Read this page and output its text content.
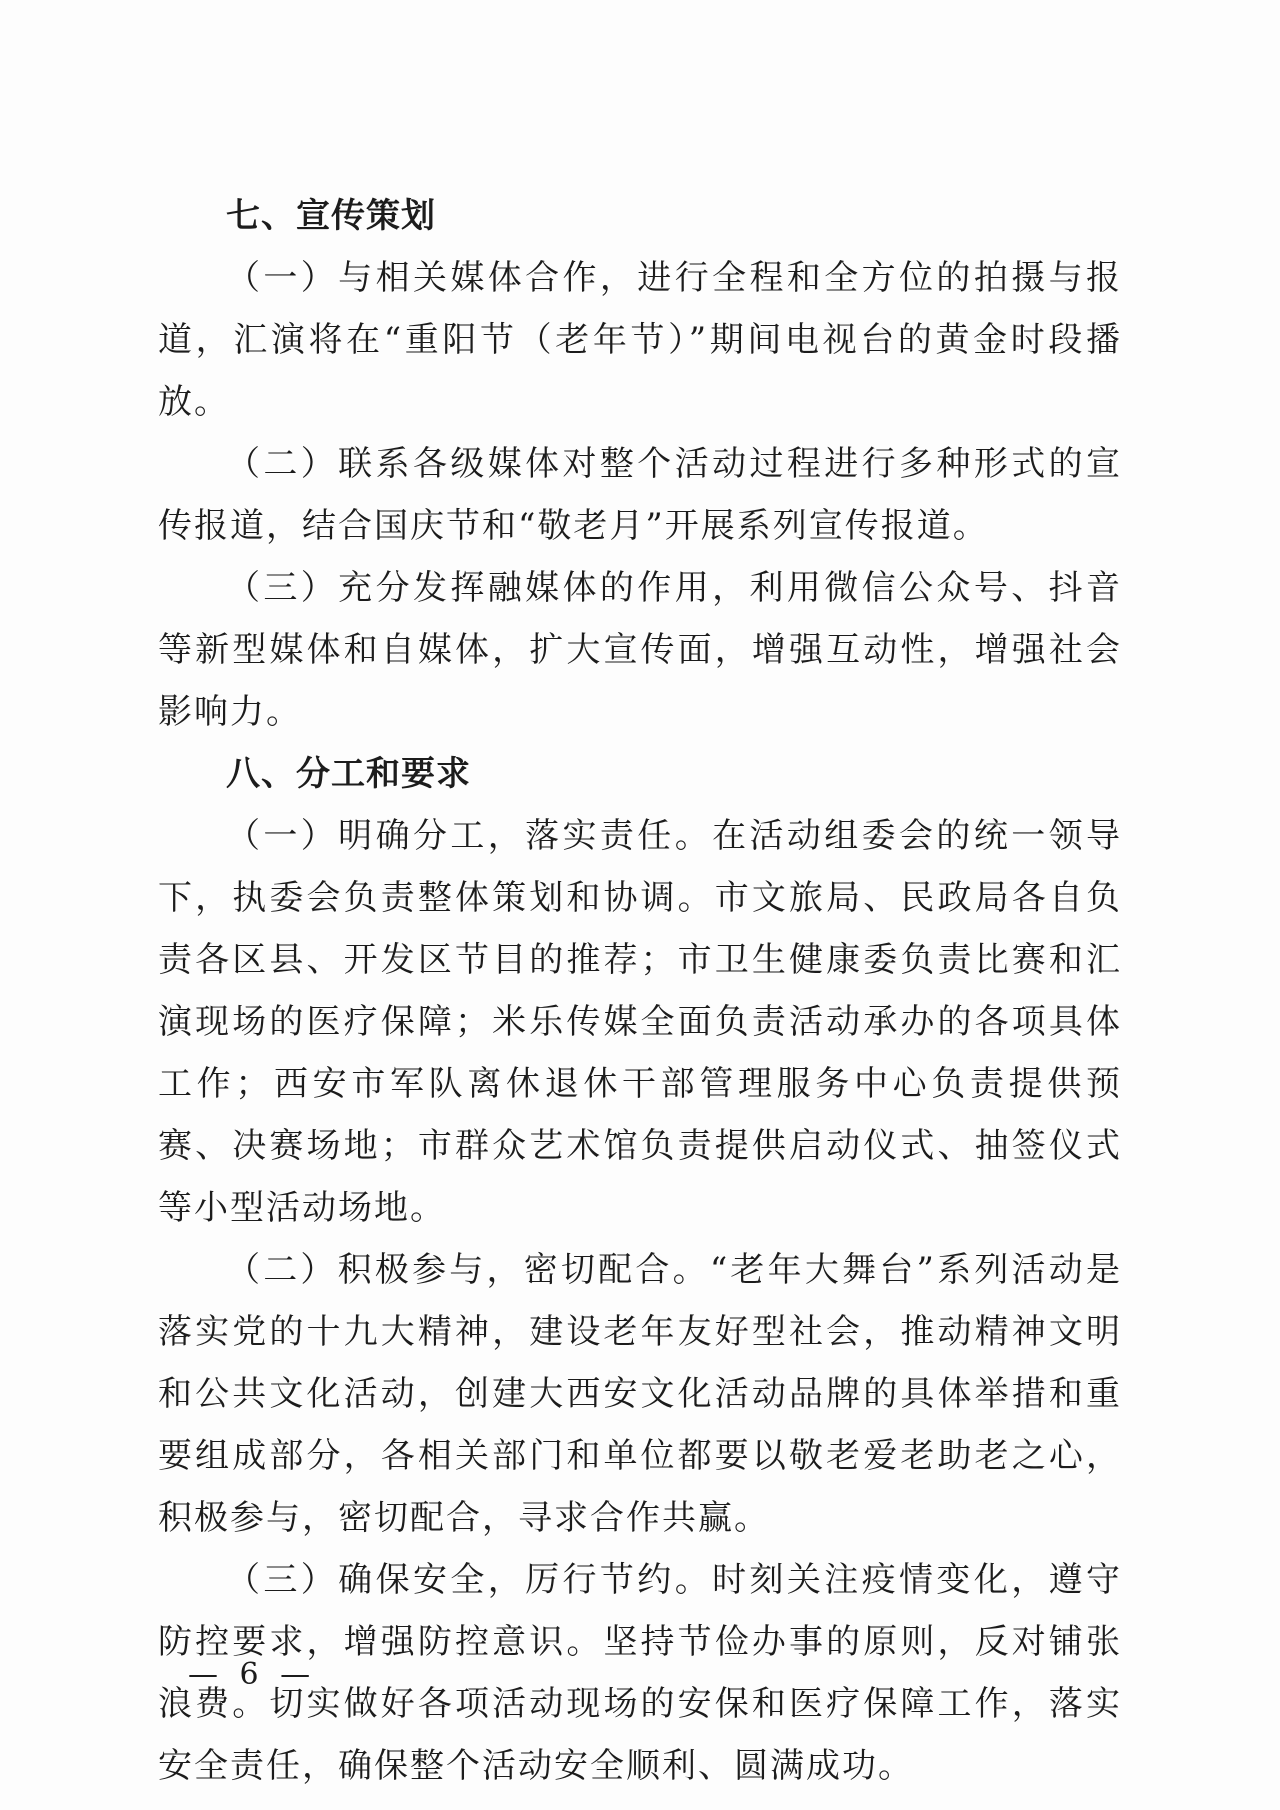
七、宣传策划

（一）与相关媒体合作，进行全程和全方位的拍摄与报道，汇演将在“重阳节（老年节）”期间电视台的黄金时段播放。

（二）联系各级媒体对整个活动过程进行多种形式的宣传报道，结合国庆节和“敬老月”开展系列宣传报道。

（三）充分发挥融媒体的作用，利用微信公众号、抖音等新型媒体和自媒体，扩大宣传面，增强互动性，增强社会影响力。

八、分工和要求

（一）明确分工，落实责任。在活动组委会的统一领导下，执委会负责整体策划和协调。市文旅局、民政局各自负责各区县、开发区节目的推荐；市卫生健康委负责比赛和汇演现场的医疗保障；米乐传媒全面负责活动承办的各项具体工作；西安市军队离休退休干部管理服务中心负责提供预赛、决赛场地；市群众艺术馆负责提供启动仪式、抽签仪式等小型活动场地。

（二）积极参与，密切配合。“老年大舞台”系列活动是落实党的十九大精神，建设老年友好型社会，推动精神文明和公共文化活动，创建大西安文化活动品牌的具体举措和重要组成部分，各相关部门和单位都要以敬老爱老助老之心，积极参与，密切配合，寻求合作共赢。

（三）确保安全，厉行节约。时刻关注疫情变化，遵守防控要求，增强防控意识。坚持节俭办事的原则，反对铺张浪费。切实做好各项活动现场的安保和医疗保障工作，落实安全责任，确保整个活动安全顺利、圆满成功。

— 6 —
